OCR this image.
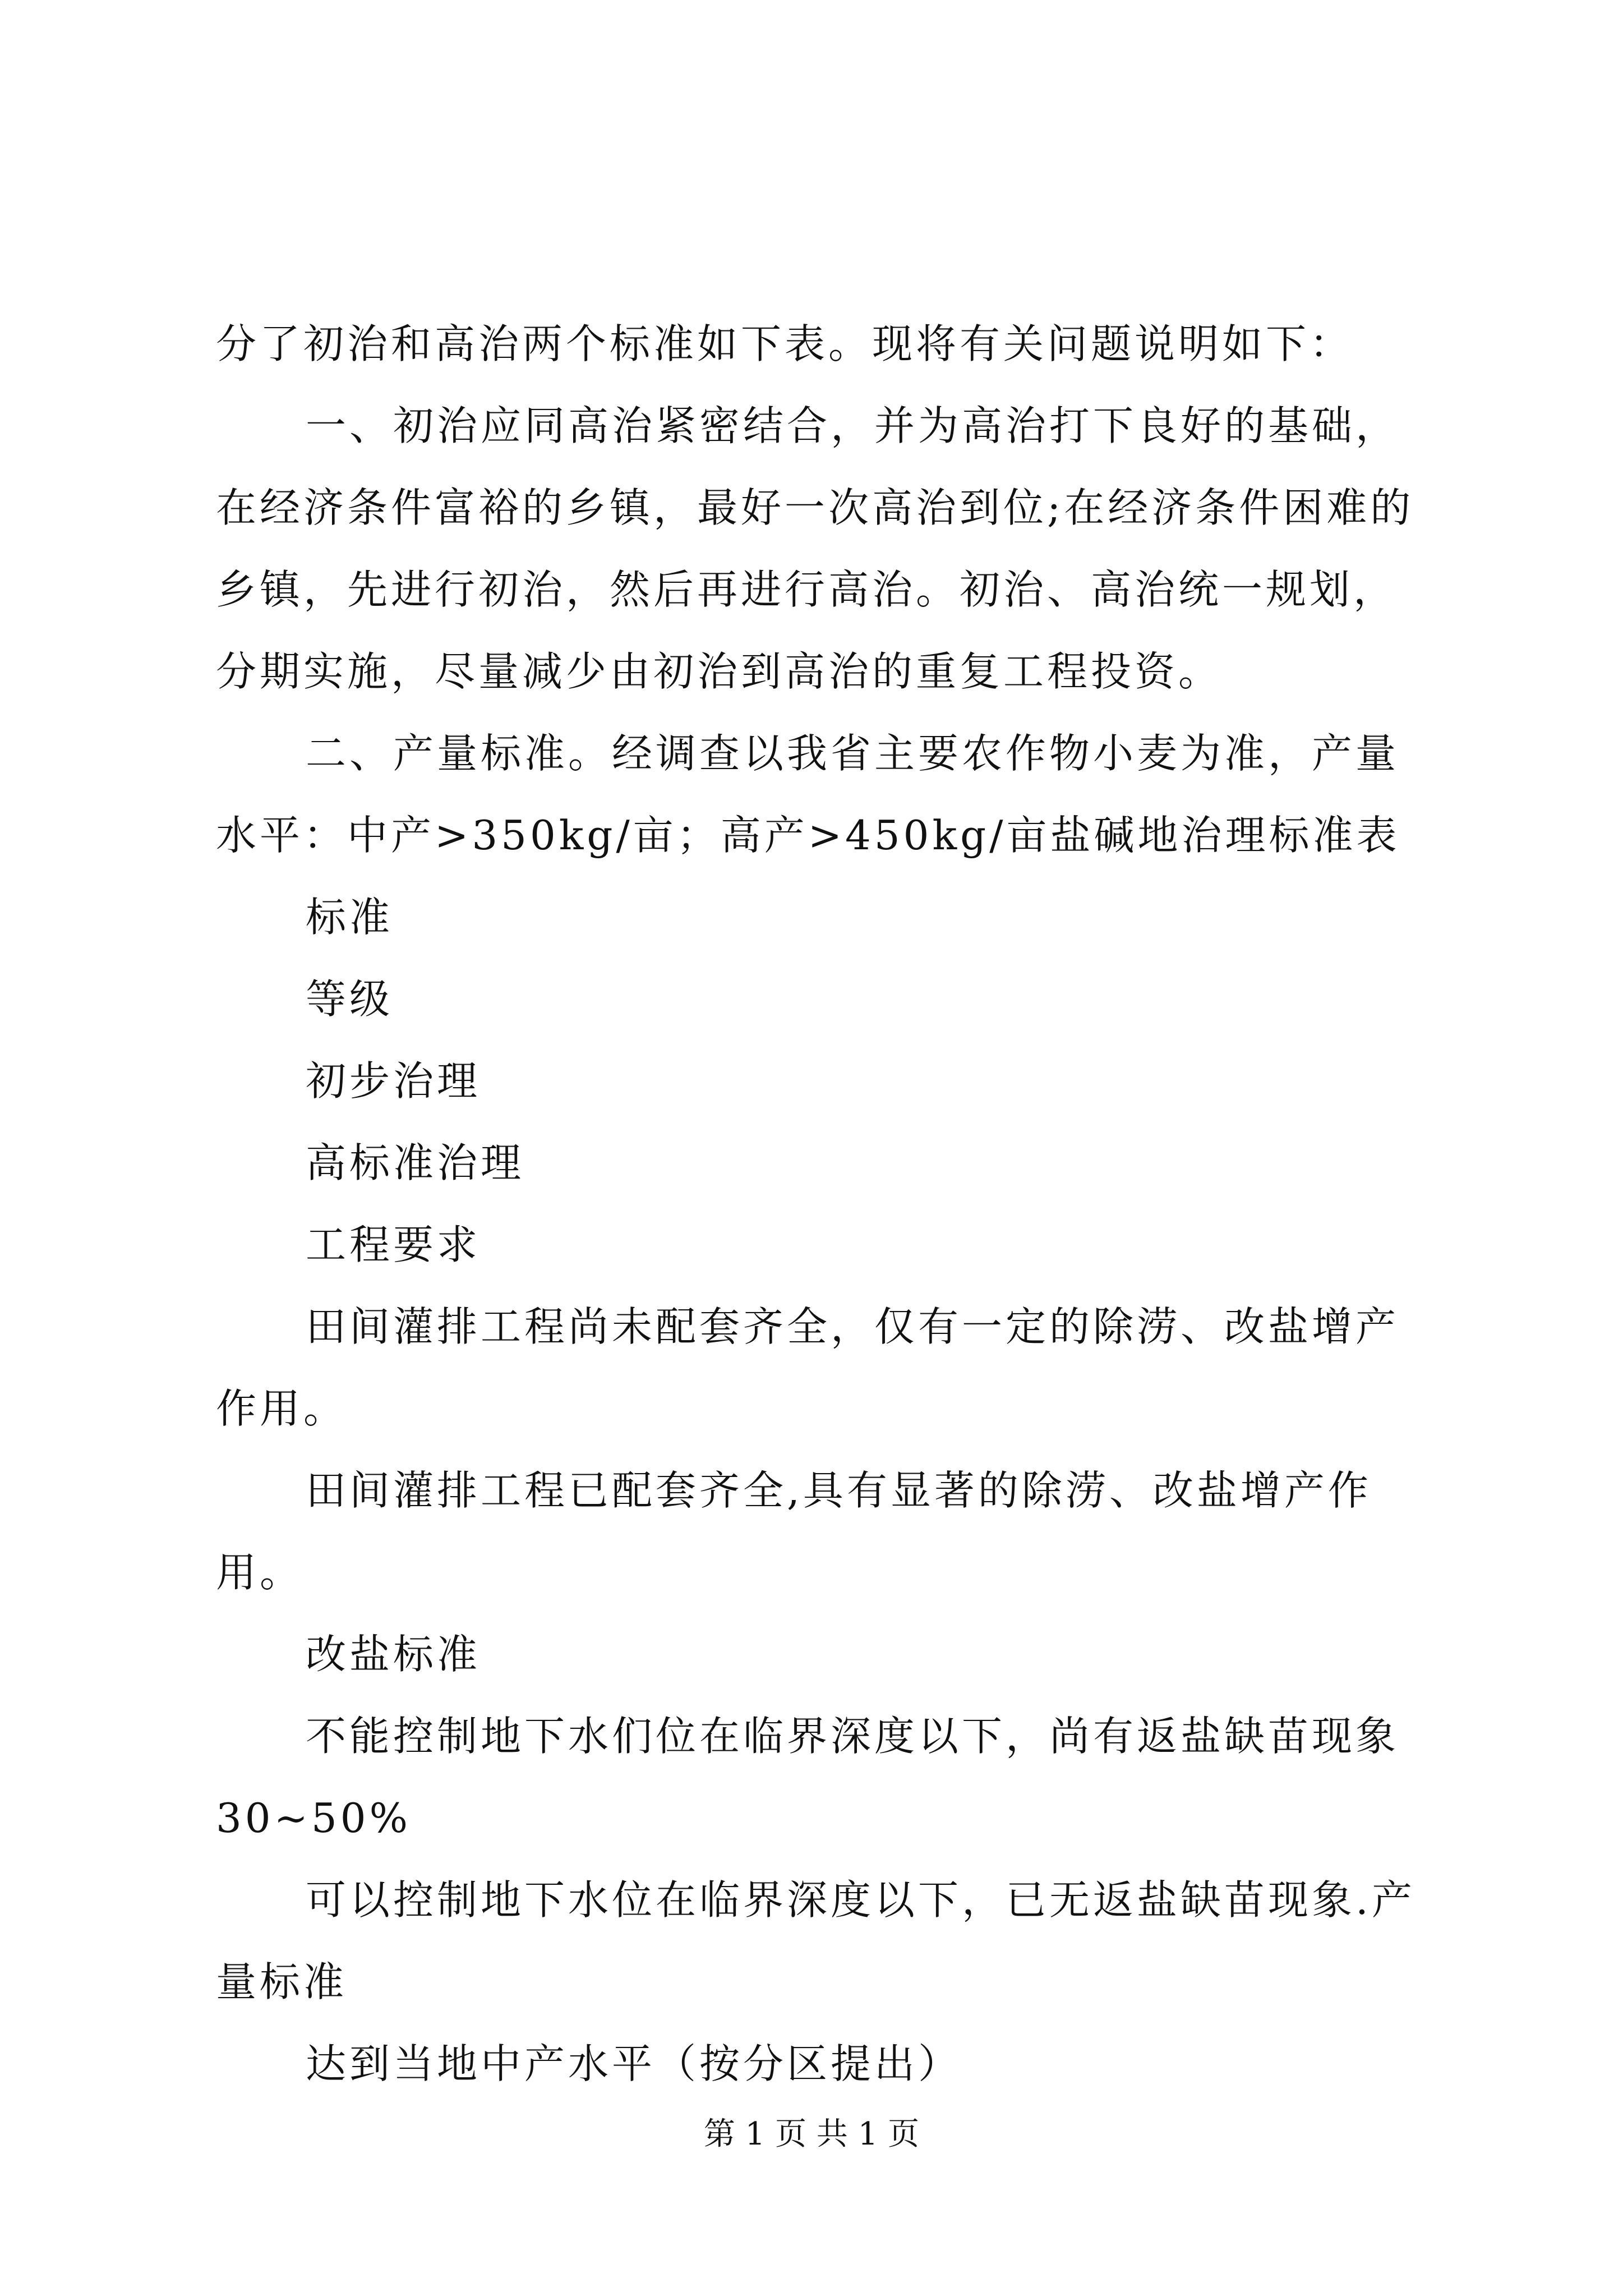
分了初治和高治两个标准如下表。现将有关问题说明如下：

一、初治应同高治紧密结合，并为高治打下良好的基础，在经济条件富裕的乡镇，最好一次高治到位;在经济条件困难的乡镇，先进行初治，然后再进行高治。初治、高治统一规划，分期实施，尽量减少由初治到高治的重复工程投资。

二、产量标准。经调查以我省主要农作物小麦为准，产量水平：中产>350kg/亩；高产>450kg/亩盐碱地治理标准表

标准

等级

初步治理

高标准治理

工程要求

田间灌排工程尚未配套齐全，仅有一定的除涝、改盐增产作用。

田间灌排工程已配套齐全,具有显著的除涝、改盐增产作用。

改盐标准

不能控制地下水们位在临界深度以下，尚有返盐缺苗现象30~50%

可以控制地下水位在临界深度以下，已无返盐缺苗现象.产量标准

达到当地中产水平（按分区提出）

第 1 页 共 1 页
